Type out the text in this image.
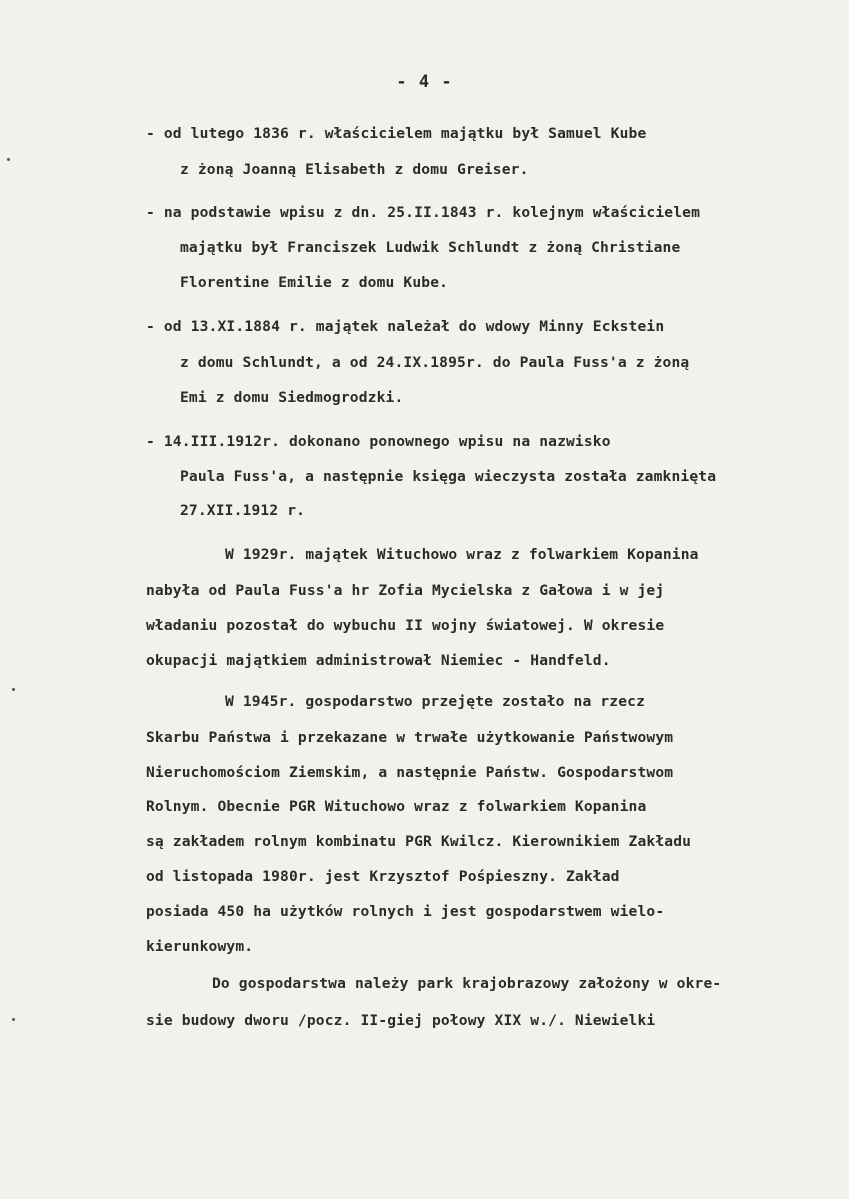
- 4 -
- od lutego 1836 r. właścicielem majątku był Samuel Kube
z żoną Joanną Elisabeth z domu Greiser.
- na podstawie wpisu z dn. 25.II.1843 r. kolejnym właścicielem
majątku był Franciszek Ludwik Schlundt z żoną Christiane
Florentine Emilie z domu Kube.
- od 13.XI.1884 r. majątek należał do wdowy Minny Eckstein
z domu Schlundt, a od 24.IX.1895r. do Paula Fuss'a z żoną
Emi z domu Siedmogrodzki.
- 14.III.1912r. dokonano ponownego wpisu na nazwisko
Paula Fuss'a, a następnie księga wieczysta została zamknięta
27.XII.1912 r.
W 1929r. majątek Wituchowo wraz z folwarkiem Kopanina
nabyła od Paula Fuss'a hr Zofia Mycielska z Gałowa i w jej
władaniu pozostał do wybuchu II wojny światowej. W okresie
okupacji majątkiem administrował Niemiec - Handfeld.
W 1945r. gospodarstwo przejęte zostało na rzecz
Skarbu Państwa i przekazane w trwałe użytkowanie Państwowym
Nieruchomościom Ziemskim, a następnie Państw. Gospodarstwom
Rolnym. Obecnie PGR Wituchowo wraz z folwarkiem Kopanina
są zakładem rolnym kombinatu PGR Kwilcz. Kierownikiem Zakładu
od listopada 1980r. jest Krzysztof Pośpieszny. Zakład
posiada 450 ha użytków rolnych i jest gospodarstwem wielo-
kierunkowym.
Do gospodarstwa należy park krajobrazowy założony w okre-
sie budowy dworu /pocz. II-giej połowy XIX w./. Niewielki
